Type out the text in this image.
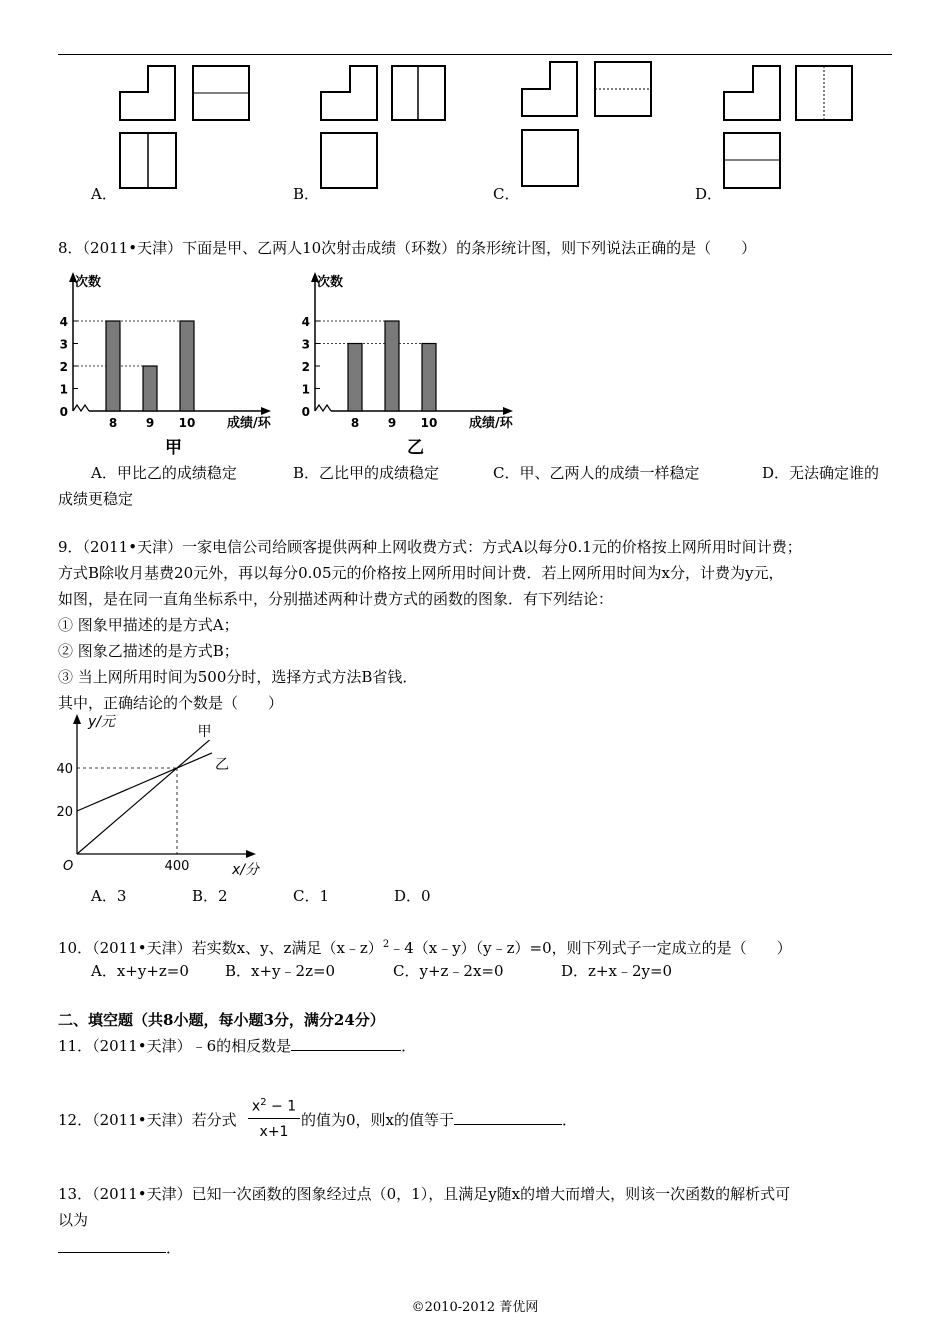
A．	B．	C．	D．
8．（2011•天津）下面是甲、乙两人10次射击成绩（环数）的条形统计图，则下列说法正确的是（　　）
0
1
2
3
4
次数
8 9 10 成绩/环
甲
0
1
2
3
4
次数
8 9 10 成绩/环
乙
A．甲比乙的成绩稳定	B．乙比甲的成绩稳定	C．甲、乙两人的成绩一样稳定	D．无法确定谁的
成绩更稳定
9．（2011•天津）一家电信公司给顾客提供两种上网收费方式：方式A以每分0.1元的价格按上网所用时间计费；
方式B除收月基费20元外，再以每分0.05元的价格按上网所用时间计费．若上网所用时间为x分，计费为y元，
如图，是在同一直角坐标系中，分别描述两种计费方式的函数的图象．有下列结论：
① 图象甲描述的是方式A；
② 图象乙描述的是方式B；
③ 当上网所用时间为500分时，选择方式方法B省钱．
其中，正确结论的个数是（　　）
y/元
x/分
O
20
40
400
甲
乙
A．3	B．2	C．1	D．0
10．（2011•天津）若实数x、y、z满足（x﹣z）$^2$﹣4（x﹣y）（y﹣z）=0，则下列式子一定成立的是（　　）
A．x+y+z=0 B．x+y﹣2z=0	C．y+z﹣2x=0	D．z+x﹣2y=0
二、填空题（共8小题，每小题3分，满分24分）
11．（2011•天津）﹣6的相反数是	．
12．（2011•天津）若分式 $\frac{x^2 - 1}{x+1}$ 的值为0，则x的值等于	．
13．（2011•天津）已知一次函数的图象经过点（0，1），且满足y随x的增大而增大，则该一次函数的解析式可
以为
．
©2010-2012 菁优网
